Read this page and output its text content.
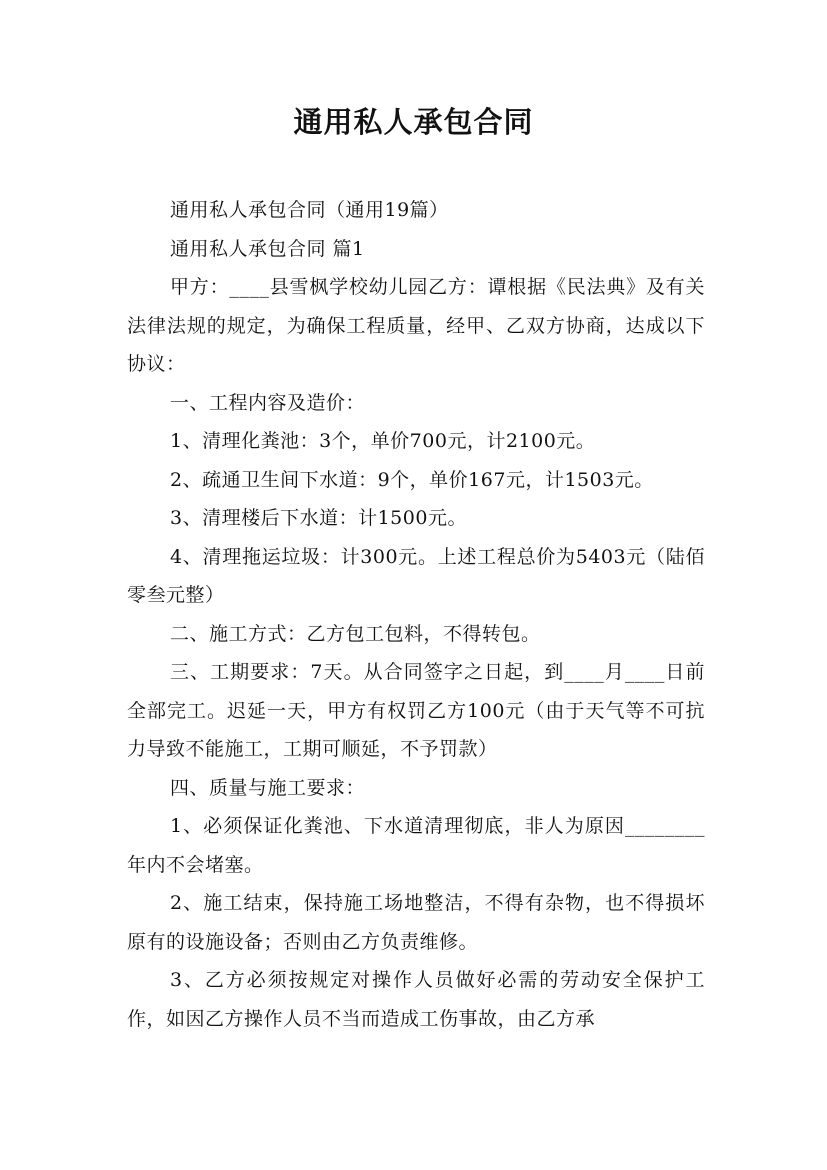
通用私人承包合同

通用私人承包合同（通用19篇）

通用私人承包合同 篇1

甲方：____县雪枫学校幼儿园乙方：谭根据《民法典》及有关法律法规的规定，为确保工程质量，经甲、乙双方协商，达成以下协议：

一、工程内容及造价：

1、清理化粪池：3个，单价700元，计2100元。

2、疏通卫生间下水道：9个，单价167元，计1503元。

3、清理楼后下水道：计1500元。

4、清理拖运垃圾：计300元。上述工程总价为5403元（陆佰零叁元整）

二、施工方式：乙方包工包料，不得转包。

三、工期要求：7天。从合同签字之日起，到____月____日前全部完工。迟延一天，甲方有权罚乙方100元（由于天气等不可抗力导致不能施工，工期可顺延，不予罚款）

四、质量与施工要求：

1、必须保证化粪池、下水道清理彻底，非人为原因________年内不会堵塞。

2、施工结束，保持施工场地整洁，不得有杂物，也不得损坏原有的设施设备；否则由乙方负责维修。

3、乙方必须按规定对操作人员做好必需的劳动安全保护工作，如因乙方操作人员不当而造成工伤事故，由乙方承
